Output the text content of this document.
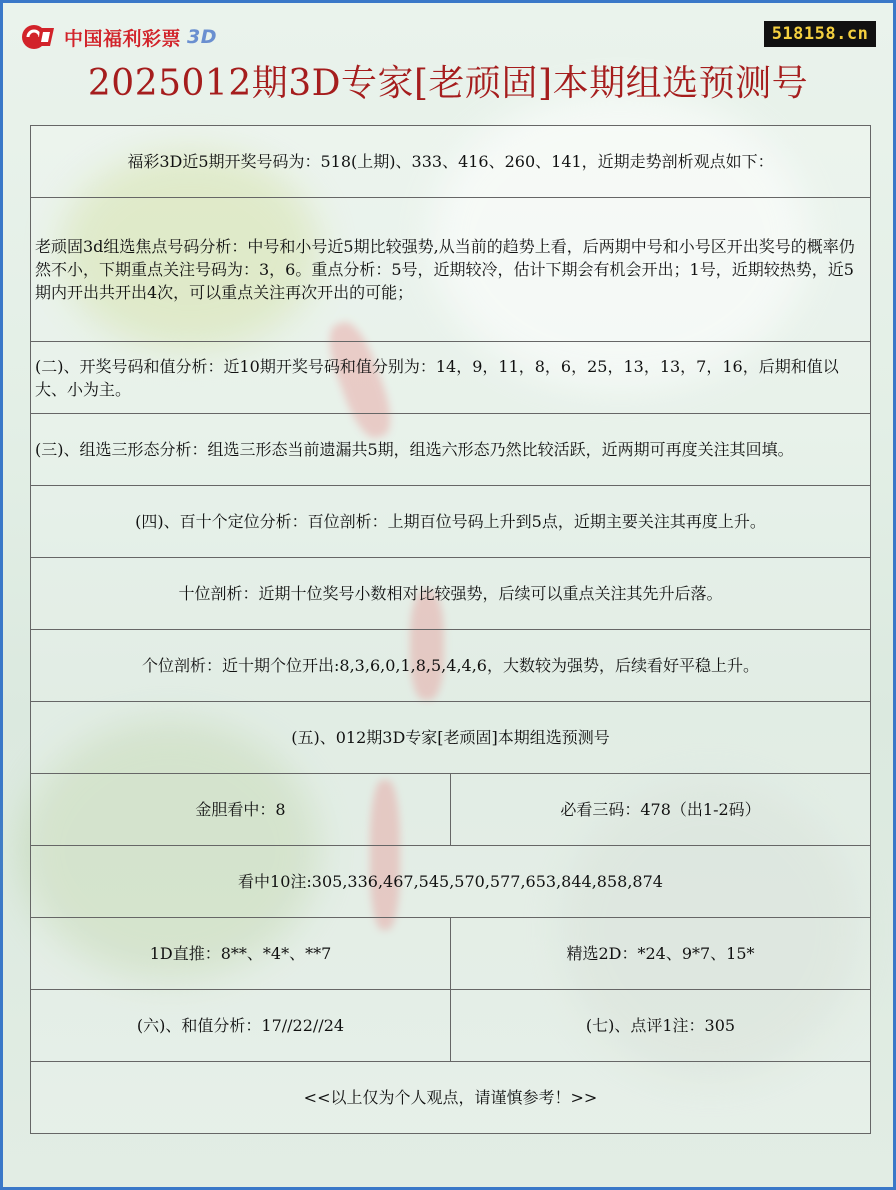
中国福利彩票 3D	518158.cn
2025012期3D专家[老顽固]本期组选预测号
福彩3D近5期开奖号码为：518(上期)、333、416、260、141，近期走势剖析观点如下：	
老顽固3d组选焦点号码分析：中号和小号近5期比较强势,从当前的趋势上看，后两期中号和小号区开出奖号的概率仍然不小，下期重点关注号码为：3，6。重点分析：5号，近期较冷，估计下期会有机会开出；1号，近期较热势，近5期内开出共开出4次，可以重点关注再次开出的可能；	
(二)、开奖号码和值分析：近10期开奖号码和值分别为：14，9，11，8，6，25，13，13，7，16，后期和值以大、小为主。	
(三)、组选三形态分析：组选三形态当前遗漏共5期，组选六形态乃然比较活跃，近两期可再度关注其回填。	
(四)、百十个定位分析：百位剖析：上期百位号码上升到5点，近期主要关注其再度上升。	
十位剖析：近期十位奖号小数相对比较强势，后续可以重点关注其先升后落。	
个位剖析：近十期个位开出:8,3,6,0,1,8,5,4,4,6，大数较为强势，后续看好平稳上升。	
(五)、012期3D专家[老顽固]本期组选预测号	
金胆看中：8	必看三码：478（出1-2码）
看中10注:305,336,467,545,570,577,653,844,858,874	
1D直推：8**、*4*、**7	精选2D：*24、9*7、15*
(六)、和值分析：17//22//24	(七)、点评1注：305
<<以上仅为个人观点，请谨慎参考！>>	
